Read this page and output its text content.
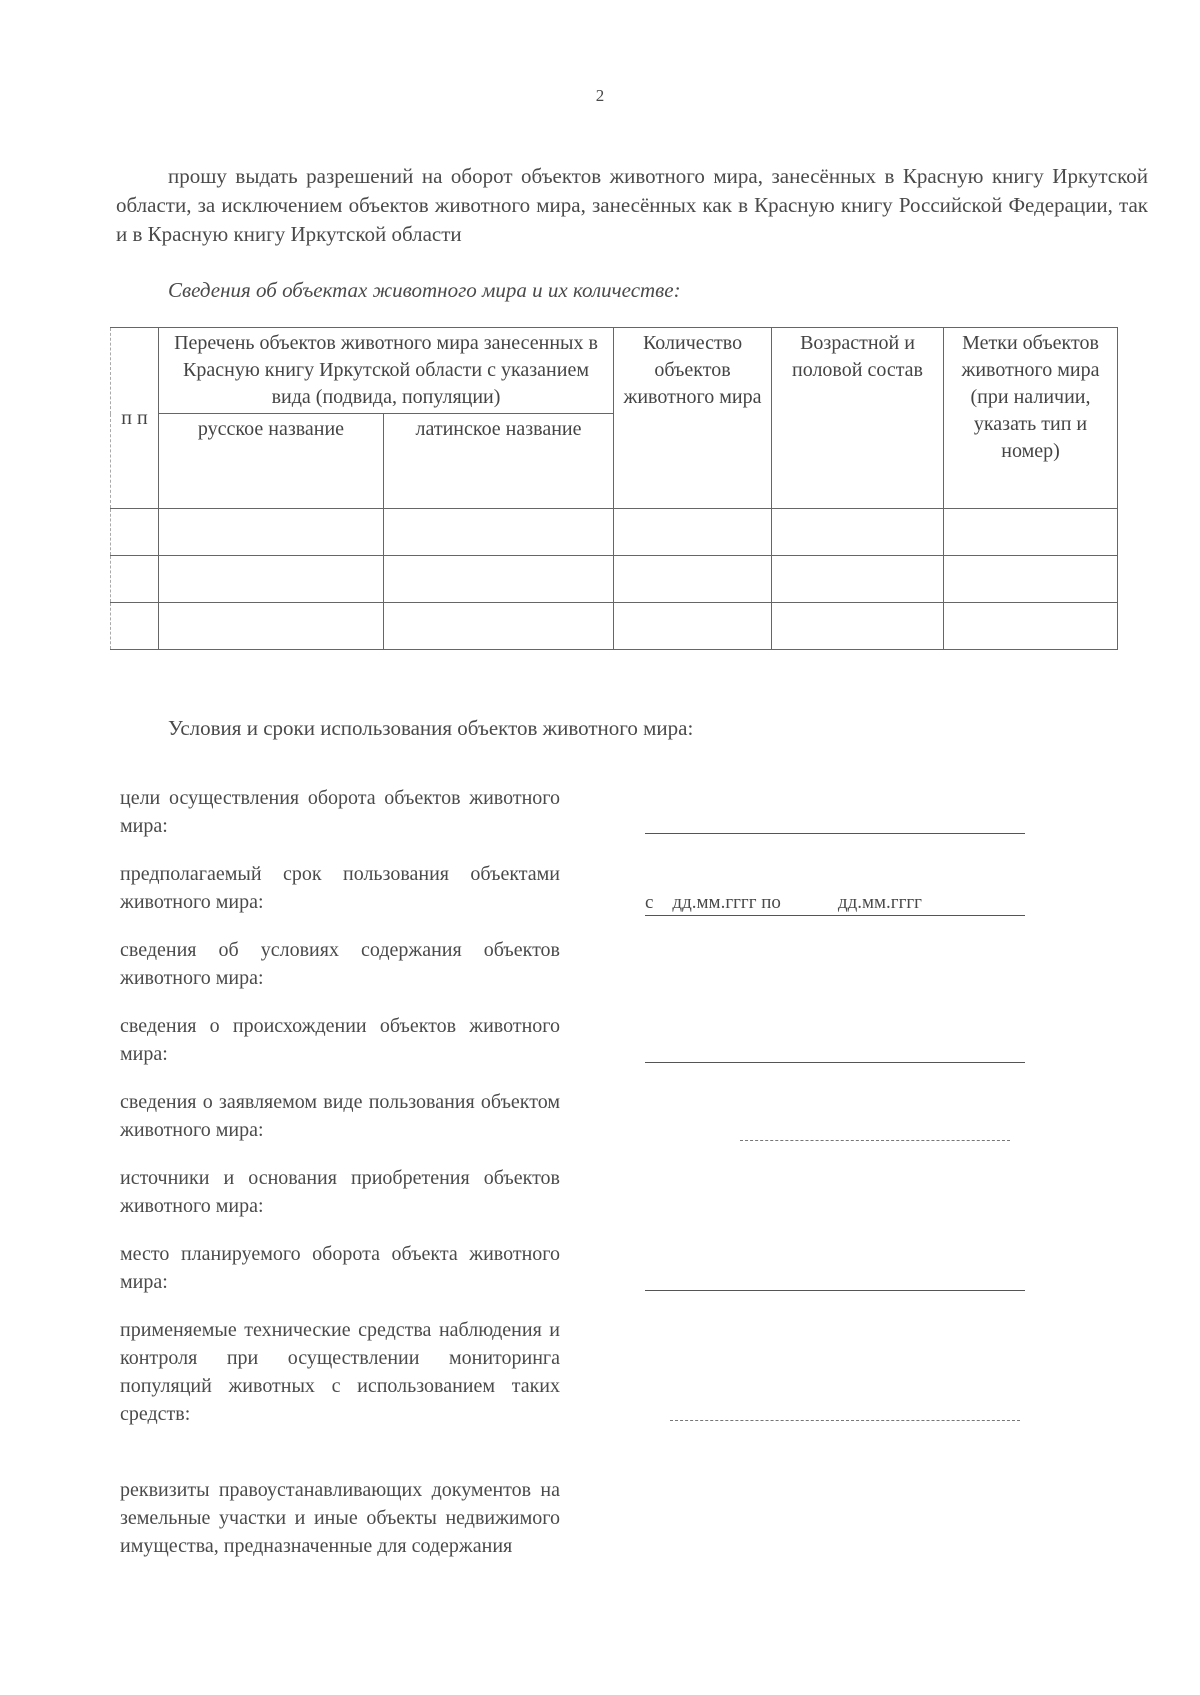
2
прошу выдать разрешений на оборот объектов животного мира, занесённых в Красную книгу Иркутской области, за исключением объектов животного мира, занесённых как в Красную книгу Российской Федерации, так и в Красную книгу Иркутской области
Сведения об объектах животного мира и их количестве:
п п	Перечень объектов животного мира занесенных в Красную книгу Иркутской области с указанием вида (подвида, популяции)		Количество объектов животного мира	Возрастной и половой состав	Метки объектов животного мира (при наличии, указать тип и номер)
	русское название	латинское название			

Условия и сроки использования объектов животного мира:
цели осуществления оборота объектов животного мира:
предполагаемый срок пользования объектами животного мира:	с    дд.мм.гггг по            дд.мм.гггг
сведения об условиях содержания объектов животного мира:
сведения о происхождении объектов животного мира:
сведения о заявляемом виде пользования объектом животного мира:
источники и основания приобретения объектов животного мира:
место планируемого оборота объекта животного мира:
применяемые технические средства наблюдения и контроля при осуществлении мониторинга популяций животных с использованием таких средств:
реквизиты правоустанавливающих документов на земельные участки и иные объекты недвижимого имущества, предназначенные для содержания
